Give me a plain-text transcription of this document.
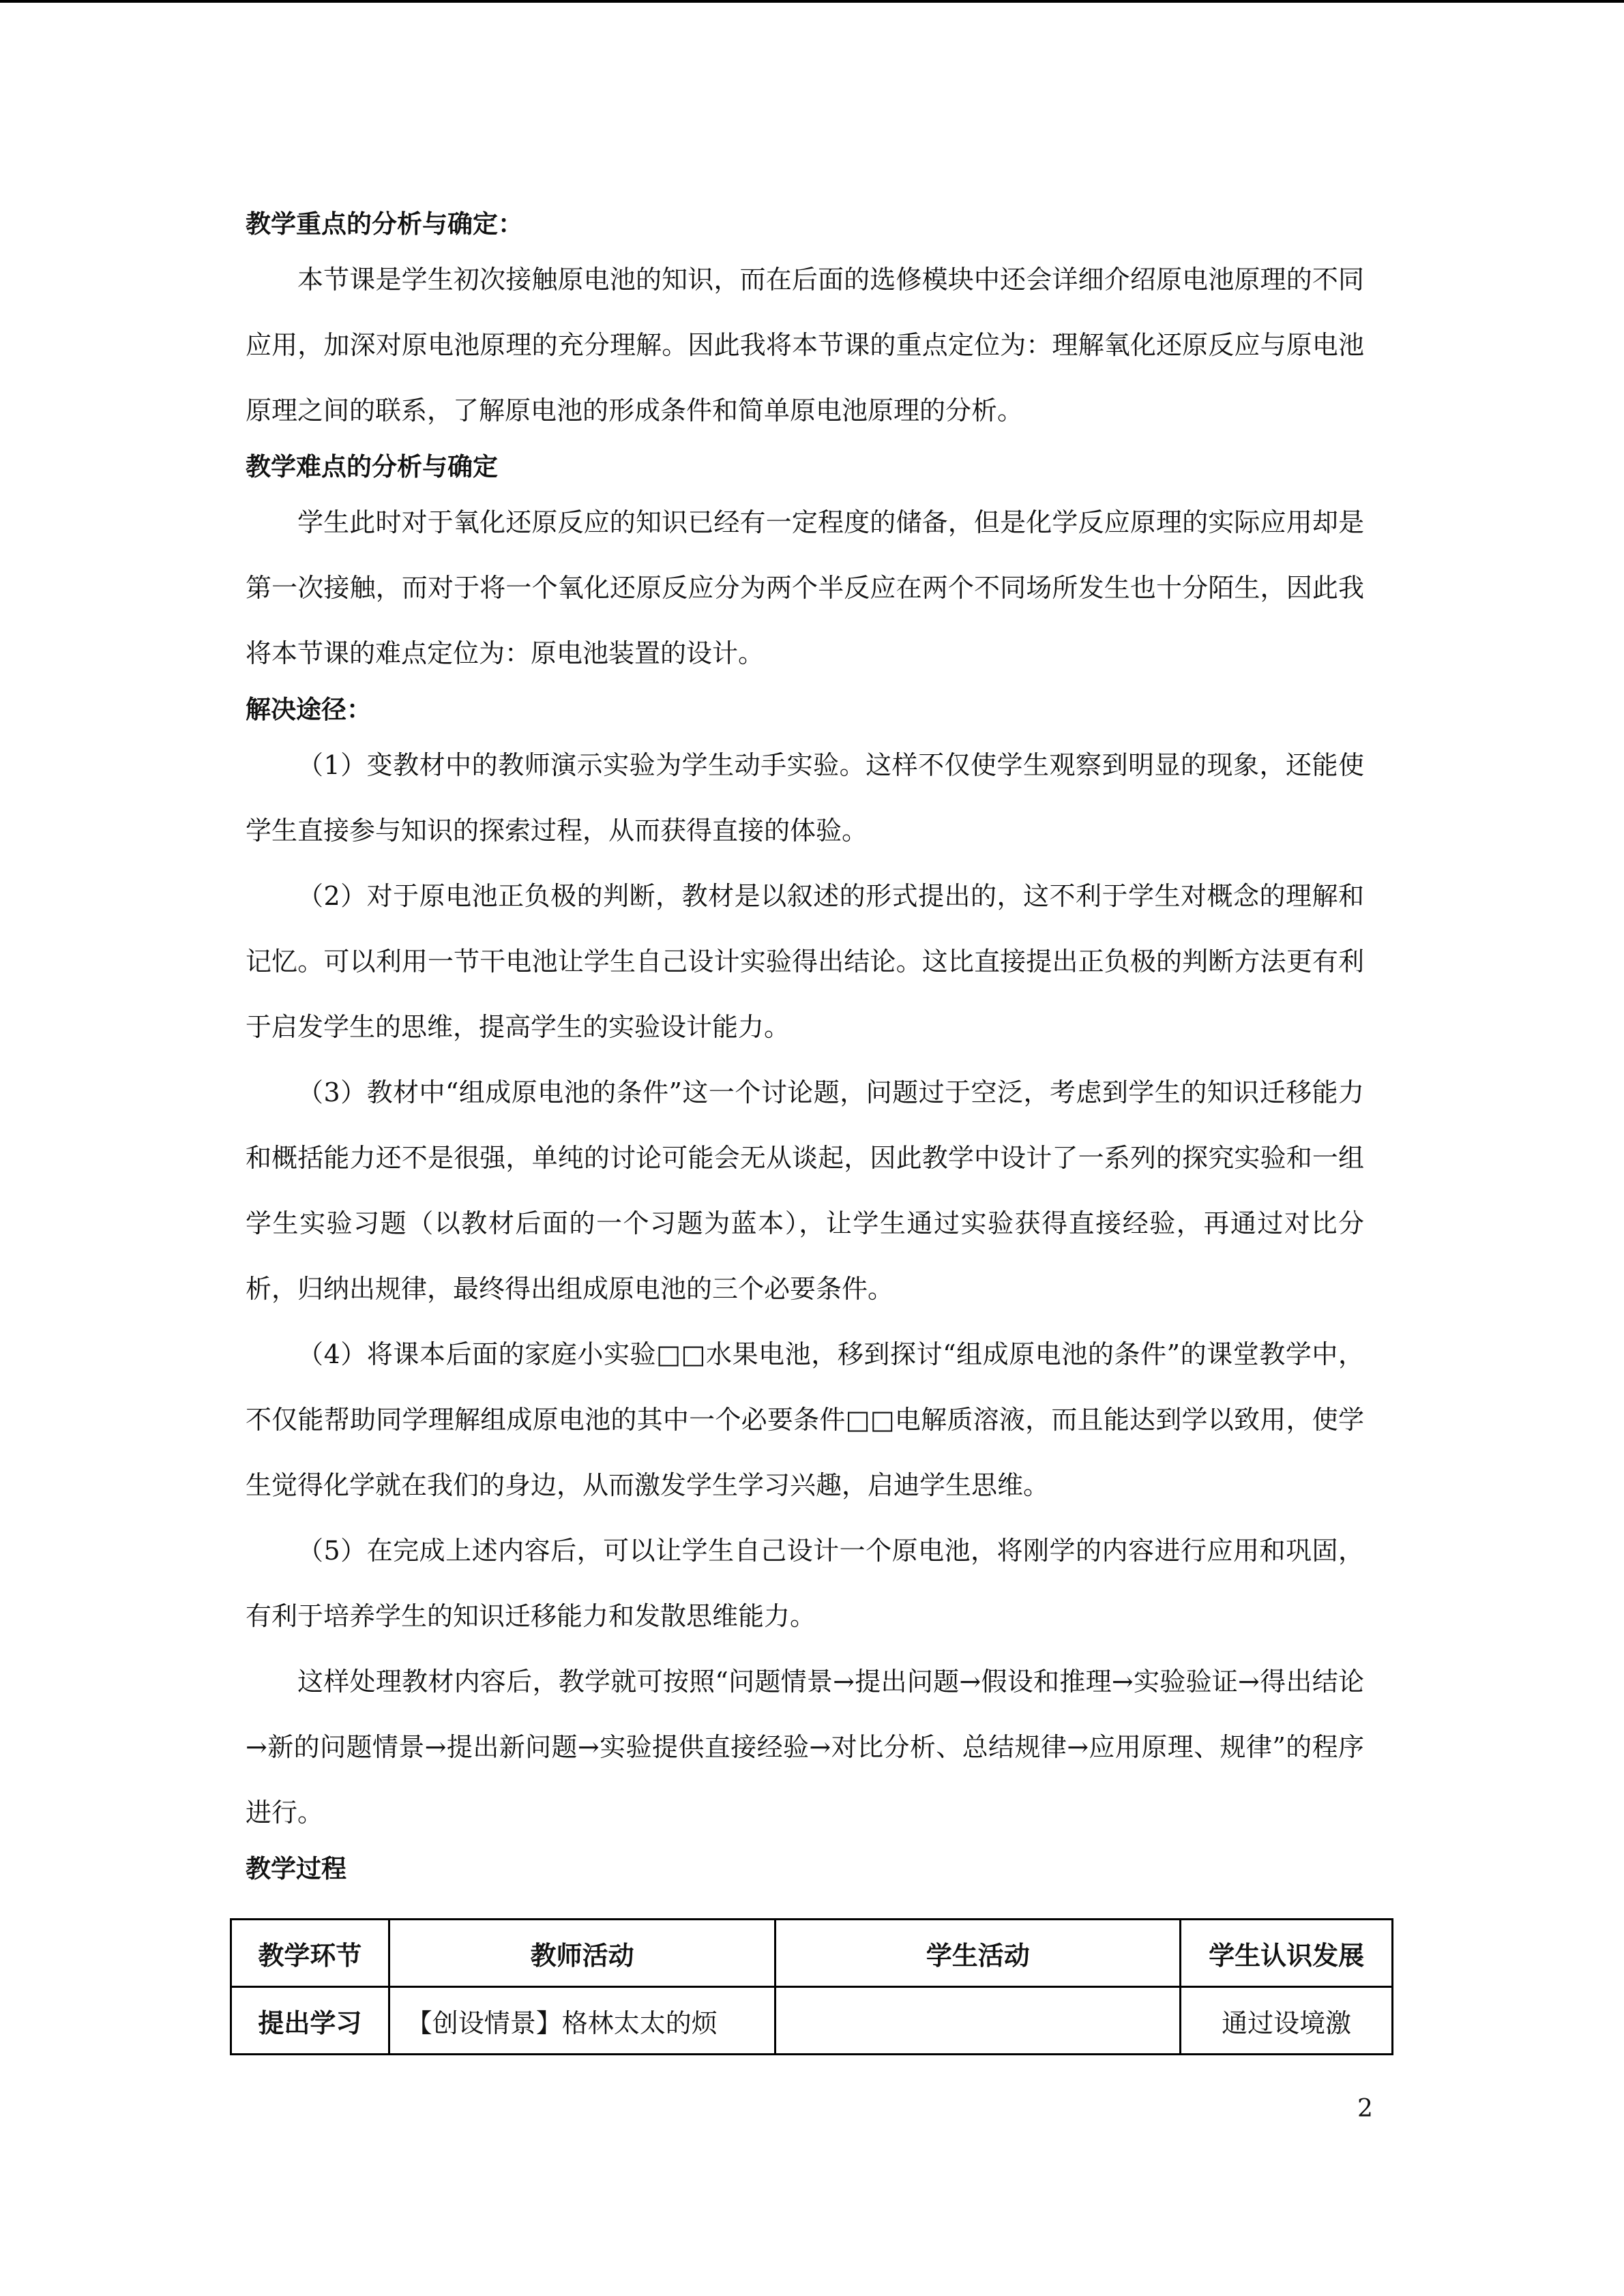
教学重点的分析与确定：

本节课是学生初次接触原电池的知识，而在后面的选修模块中还会详细介绍原电池原理的不同应用，加深对原电池原理的充分理解。因此我将本节课的重点定位为：理解氧化还原反应与原电池原理之间的联系，了解原电池的形成条件和简单原电池原理的分析。

教学难点的分析与确定

学生此时对于氧化还原反应的知识已经有一定程度的储备，但是化学反应原理的实际应用却是第一次接触，而对于将一个氧化还原反应分为两个半反应在两个不同场所发生也十分陌生，因此我将本节课的难点定位为：原电池装置的设计。

解决途径：

（1）变教材中的教师演示实验为学生动手实验。这样不仅使学生观察到明显的现象，还能使学生直接参与知识的探索过程，从而获得直接的体验。

（2）对于原电池正负极的判断，教材是以叙述的形式提出的，这不利于学生对概念的理解和记忆。可以利用一节干电池让学生自己设计实验得出结论。这比直接提出正负极的判断方法更有利于启发学生的思维，提高学生的实验设计能力。

（3）教材中“组成原电池的条件”这一个讨论题，问题过于空泛，考虑到学生的知识迁移能力和概括能力还不是很强，单纯的讨论可能会无从谈起，因此教学中设计了一系列的探究实验和一组学生实验习题（以教材后面的一个习题为蓝本），让学生通过实验获得直接经验，再通过对比分析，归纳出规律，最终得出组成原电池的三个必要条件。

（4）将课本后面的家庭小实验□□水果电池，移到探讨“组成原电池的条件”的课堂教学中，不仅能帮助同学理解组成原电池的其中一个必要条件□□电解质溶液，而且能达到学以致用，使学生觉得化学就在我们的身边，从而激发学生学习兴趣，启迪学生思维。

（5）在完成上述内容后，可以让学生自己设计一个原电池，将刚学的内容进行应用和巩固，有利于培养学生的知识迁移能力和发散思维能力。

这样处理教材内容后，教学就可按照“问题情景→提出问题→假设和推理→实验验证→得出结论→新的问题情景→提出新问题→实验提供直接经验→对比分析、总结规律→应用原理、规律”的程序进行。

教学过程
教学环节	教师活动	学生活动	学生认识发展
提出学习	【创设情景】格林太太的烦		通过设境激
2
